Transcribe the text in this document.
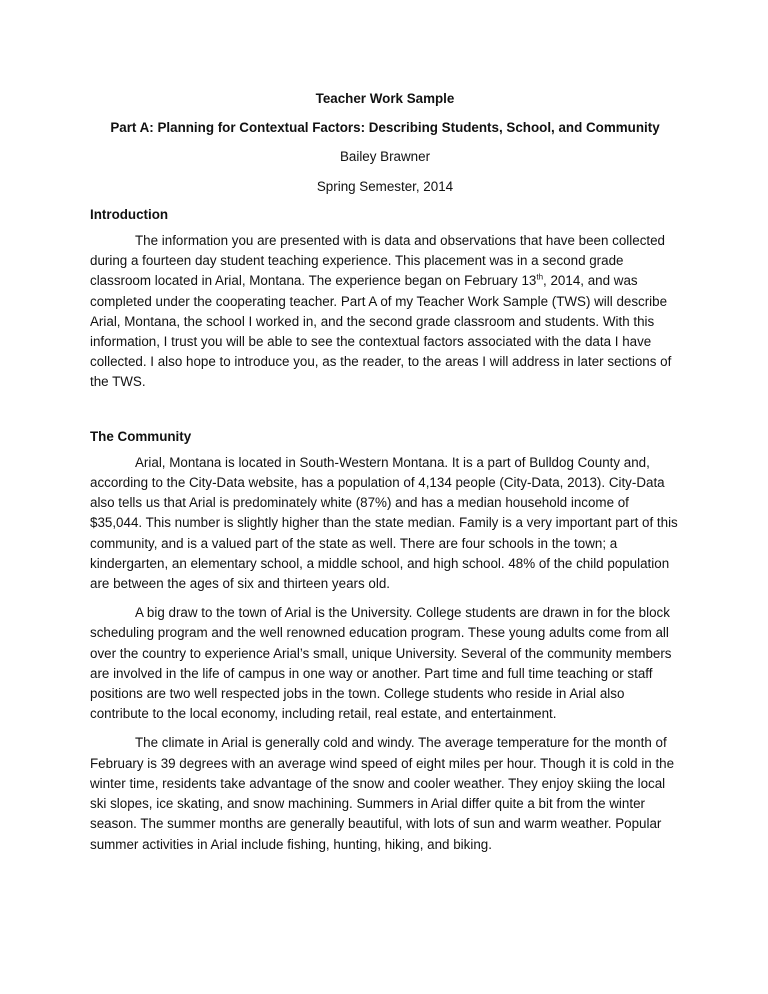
Teacher Work Sample

Part A: Planning for Contextual Factors: Describing Students, School, and Community

Bailey Brawner

Spring Semester, 2014

Introduction

The information you are presented with is data and observations that have been collected during a fourteen day student teaching experience. This placement was in a second grade classroom located in Arial, Montana. The experience began on February 13th, 2014, and was completed under the cooperating teacher. Part A of my Teacher Work Sample (TWS) will describe Arial, Montana, the school I worked in, and the second grade classroom and students. With this information, I trust you will be able to see the contextual factors associated with the data I have collected. I also hope to introduce you, as the reader, to the areas I will address in later sections of the TWS.

The Community

Arial, Montana is located in South-Western Montana. It is a part of Bulldog County and, according to the City-Data website, has a population of 4,134 people (City-Data, 2013). City-Data also tells us that Arial is predominately white (87%) and has a median household income of $35,044. This number is slightly higher than the state median. Family is a very important part of this community, and is a valued part of the state as well. There are four schools in the town; a kindergarten, an elementary school, a middle school, and high school. 48% of the child population are between the ages of six and thirteen years old.

A big draw to the town of Arial is the University. College students are drawn in for the block scheduling program and the well renowned education program. These young adults come from all over the country to experience Arial’s small, unique University. Several of the community members are involved in the life of campus in one way or another. Part time and full time teaching or staff positions are two well respected jobs in the town. College students who reside in Arial also contribute to the local economy, including retail, real estate, and entertainment.

The climate in Arial is generally cold and windy. The average temperature for the month of February is 39 degrees with an average wind speed of eight miles per hour. Though it is cold in the winter time, residents take advantage of the snow and cooler weather. They enjoy skiing the local ski slopes, ice skating, and snow machining. Summers in Arial differ quite a bit from the winter season. The summer months are generally beautiful, with lots of sun and warm weather. Popular summer activities in Arial include fishing, hunting, hiking, and biking.
